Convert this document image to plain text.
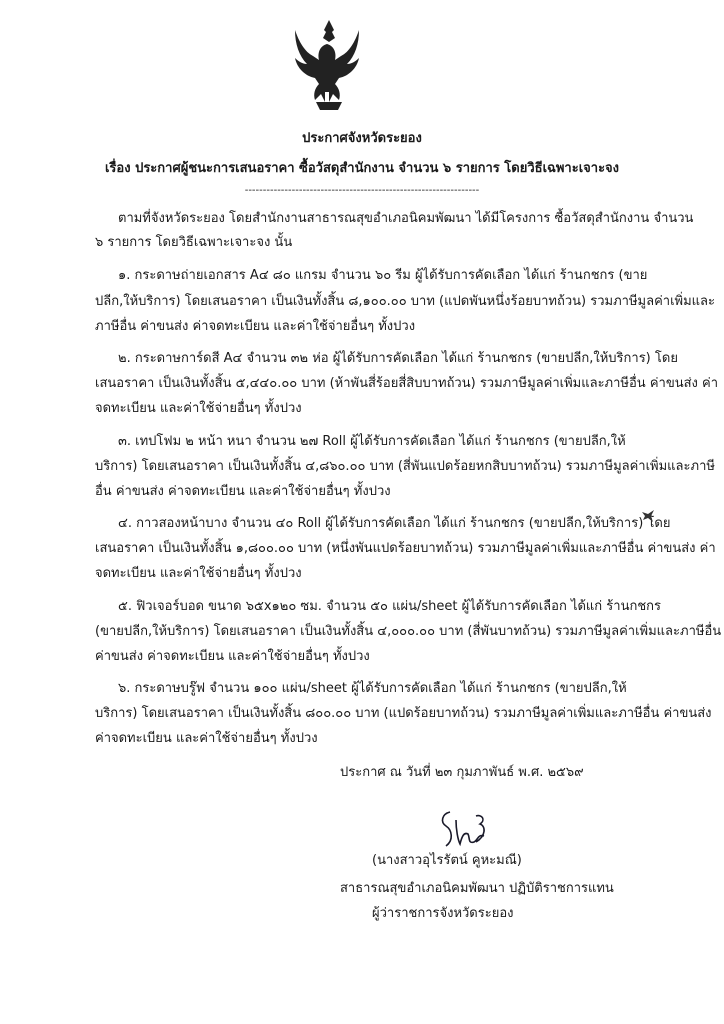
ประกาศจังหวัดระยอง
เรื่อง ประกาศผู้ชนะการเสนอราคา ซื้อวัสดุสำนักงาน จำนวน ๖ รายการ โดยวิธีเฉพาะเจาะจง
-----------------------------------------------------------------
ตามที่จังหวัดระยอง โดยสำนักงานสาธารณสุขอำเภอนิคมพัฒนา ได้มีโครงการ ซื้อวัสดุสำนักงาน จำนวน
๖ รายการ โดยวิธีเฉพาะเจาะจง นั้น
๑. กระดาษถ่ายเอกสาร A๔ ๘๐ แกรม จำนวน ๖๐ รีม ผู้ได้รับการคัดเลือก ได้แก่ ร้านกชกร (ขาย
ปลีก,ให้บริการ) โดยเสนอราคา เป็นเงินทั้งสิ้น ๘,๑๐๐.๐๐ บาท (แปดพันหนึ่งร้อยบาทถ้วน) รวมภาษีมูลค่าเพิ่มและ
ภาษีอื่น ค่าขนส่ง ค่าจดทะเบียน และค่าใช้จ่ายอื่นๆ ทั้งปวง
๒. กระดาษการ์ดสี A๔ จำนวน ๓๒ ห่อ ผู้ได้รับการคัดเลือก ได้แก่ ร้านกชกร (ขายปลีก,ให้บริการ) โดย
เสนอราคา เป็นเงินทั้งสิ้น ๕,๔๔๐.๐๐ บาท (ห้าพันสี่ร้อยสี่สิบบาทถ้วน) รวมภาษีมูลค่าเพิ่มและภาษีอื่น ค่าขนส่ง ค่า
จดทะเบียน และค่าใช้จ่ายอื่นๆ ทั้งปวง
๓. เทปโฟม ๒ หน้า หนา จำนวน ๒๗ Roll ผู้ได้รับการคัดเลือก ได้แก่ ร้านกชกร (ขายปลีก,ให้
บริการ) โดยเสนอราคา เป็นเงินทั้งสิ้น ๔,๘๖๐.๐๐ บาท (สี่พันแปดร้อยหกสิบบาทถ้วน) รวมภาษีมูลค่าเพิ่มและภาษี
อื่น ค่าขนส่ง ค่าจดทะเบียน และค่าใช้จ่ายอื่นๆ ทั้งปวง
๔. กาวสองหน้าบาง จำนวน ๔๐ Roll ผู้ได้รับการคัดเลือก ได้แก่ ร้านกชกร (ขายปลีก,ให้บริการ) โดย
เสนอราคา เป็นเงินทั้งสิ้น ๑,๘๐๐.๐๐ บาท (หนึ่งพันแปดร้อยบาทถ้วน) รวมภาษีมูลค่าเพิ่มและภาษีอื่น ค่าขนส่ง ค่า
จดทะเบียน และค่าใช้จ่ายอื่นๆ ทั้งปวง
๕. ฟิวเจอร์บอด ขนาด ๖๕x๑๒๐ ซม. จำนวน ๕๐ แผ่น/sheet ผู้ได้รับการคัดเลือก ได้แก่ ร้านกชกร
(ขายปลีก,ให้บริการ) โดยเสนอราคา เป็นเงินทั้งสิ้น ๔,๐๐๐.๐๐ บาท (สี่พันบาทถ้วน) รวมภาษีมูลค่าเพิ่มและภาษีอื่น
ค่าขนส่ง ค่าจดทะเบียน และค่าใช้จ่ายอื่นๆ ทั้งปวง
๖. กระดาษบรู๊ฟ จำนวน ๑๐๐ แผ่น/sheet ผู้ได้รับการคัดเลือก ได้แก่ ร้านกชกร (ขายปลีก,ให้
บริการ) โดยเสนอราคา เป็นเงินทั้งสิ้น ๘๐๐.๐๐ บาท (แปดร้อยบาทถ้วน) รวมภาษีมูลค่าเพิ่มและภาษีอื่น ค่าขนส่ง
ค่าจดทะเบียน และค่าใช้จ่ายอื่นๆ ทั้งปวง
ประกาศ ณ วันที่ ๒๓ กุมภาพันธ์ พ.ศ. ๒๕๖๙
(นางสาวอุไรรัตน์ คูหะมณี)
สาธารณสุขอำเภอนิคมพัฒนา ปฏิบัติราชการแทน
ผู้ว่าราชการจังหวัดระยอง
